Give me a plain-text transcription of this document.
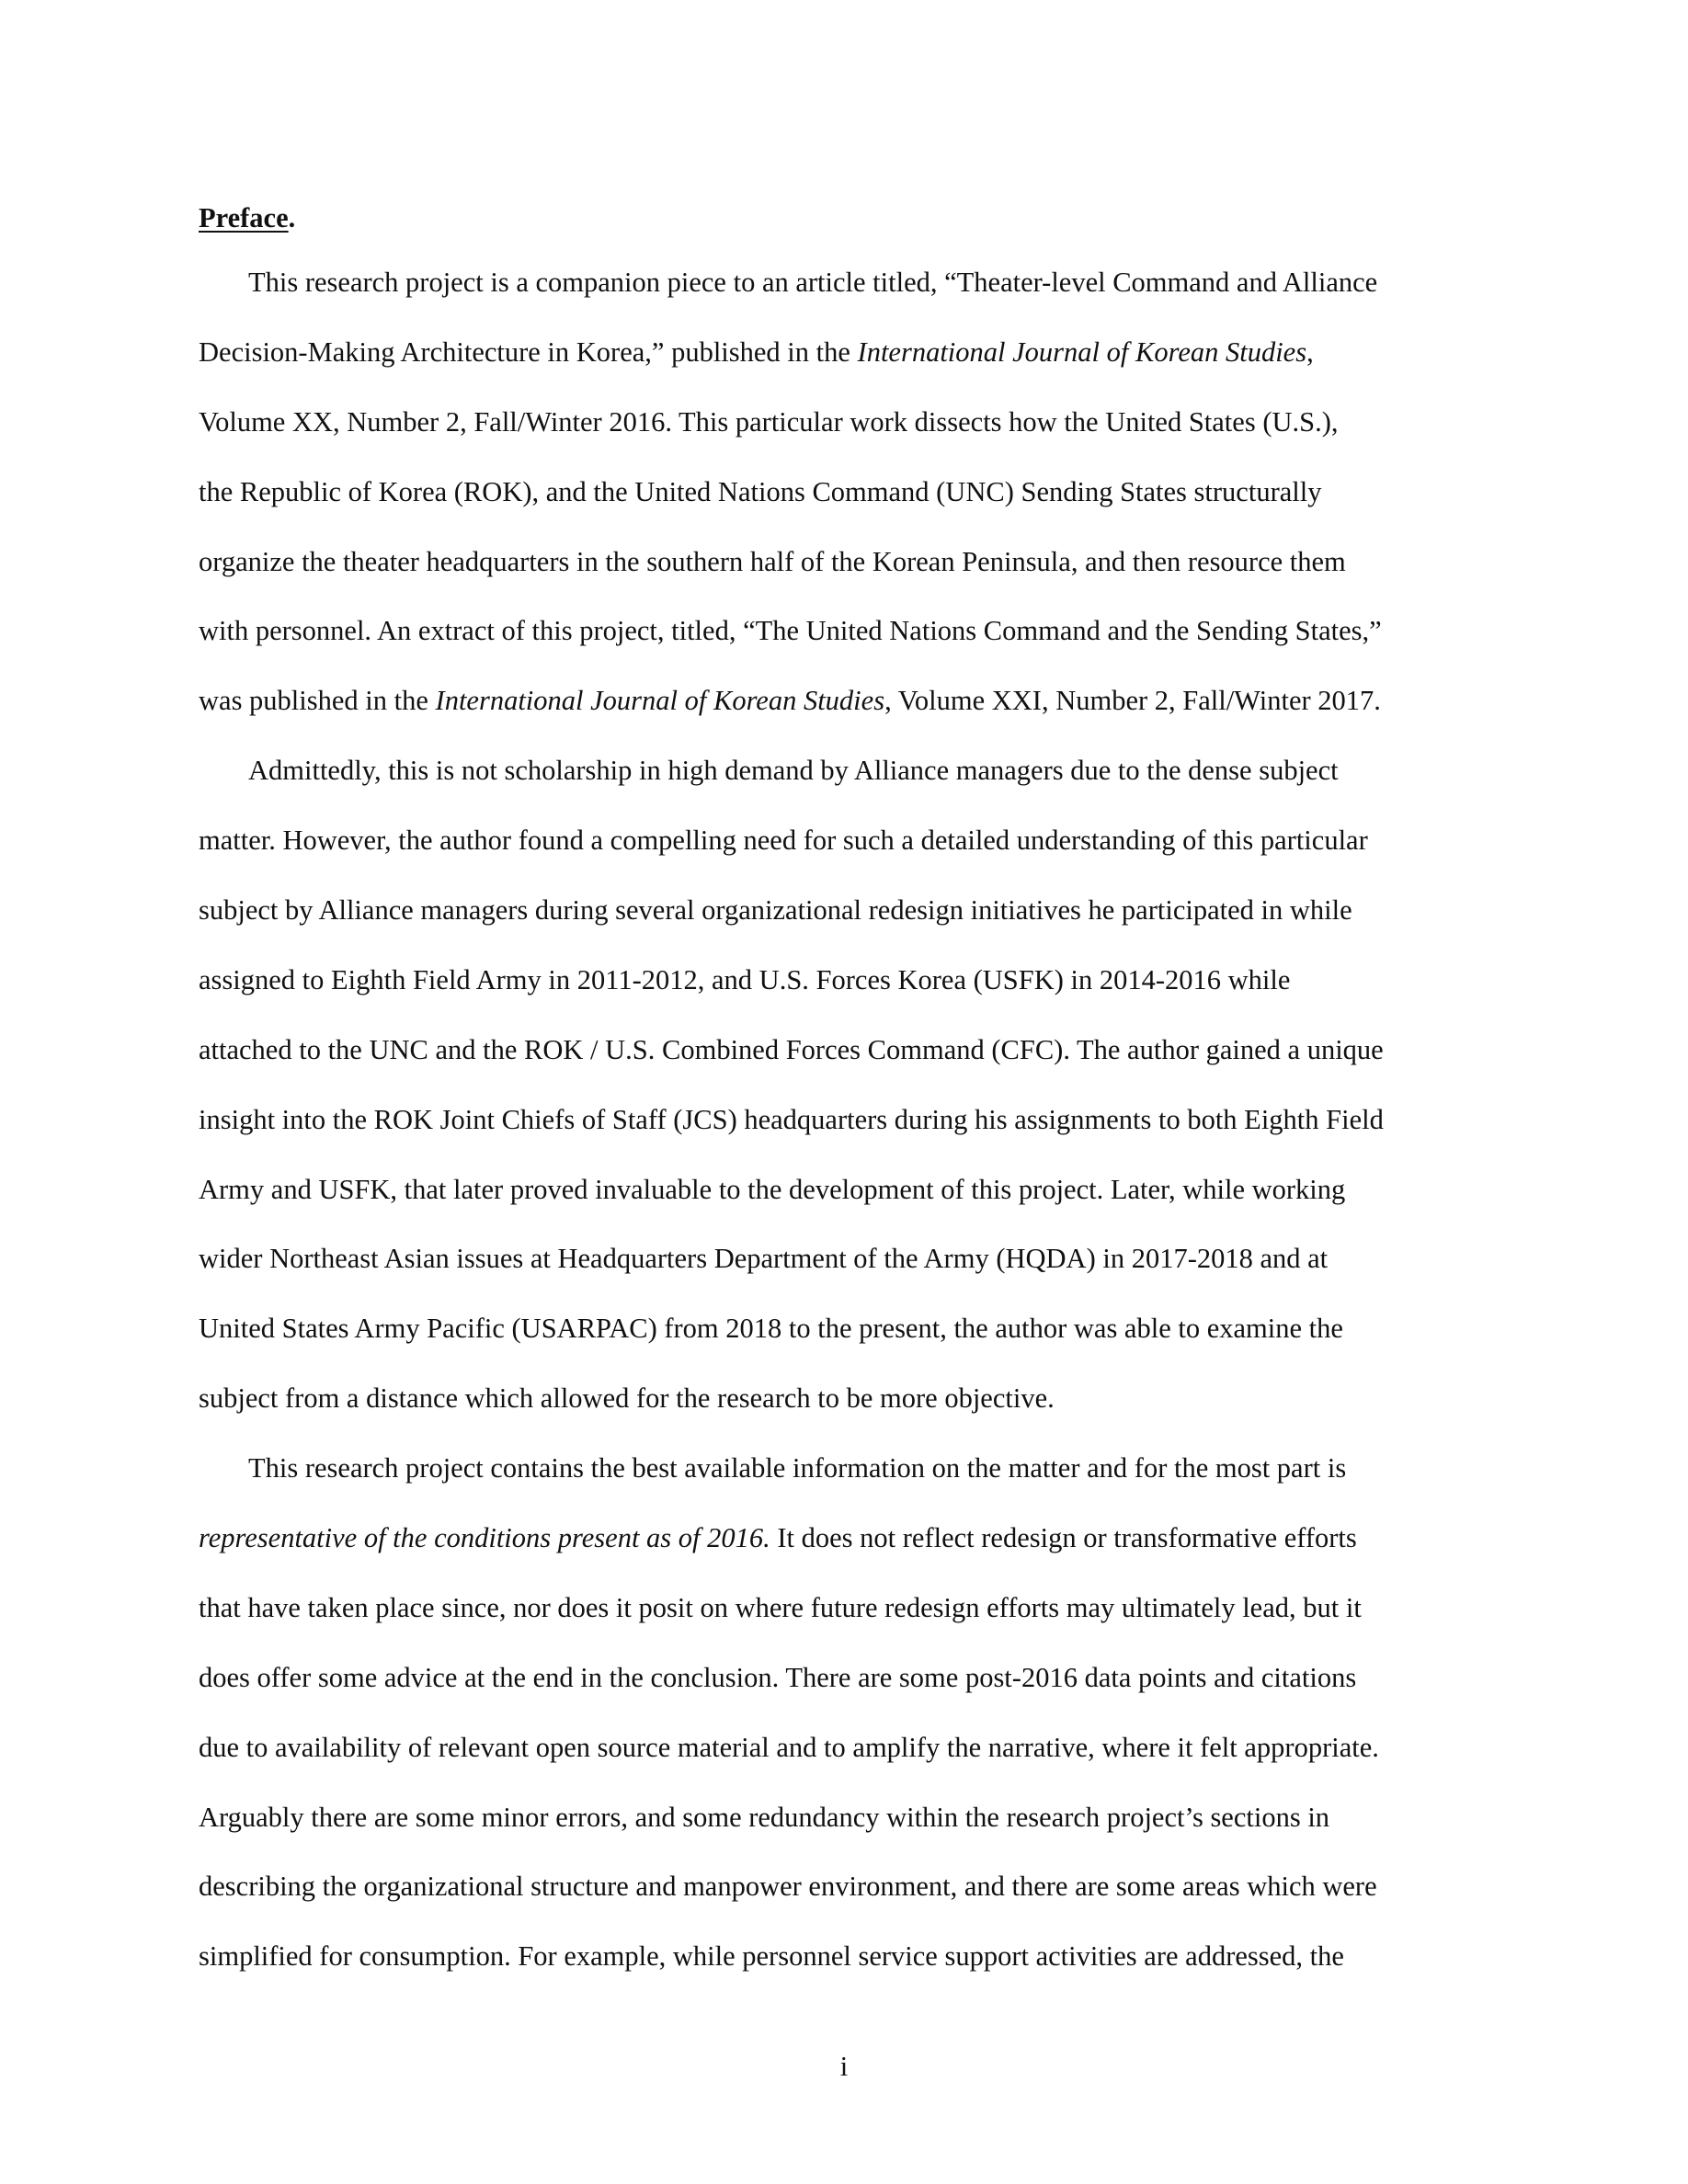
Preface.
This research project is a companion piece to an article titled, “Theater-level Command and Alliance
Decision-Making Architecture in Korea,” published in the International Journal of Korean Studies,
Volume XX, Number 2, Fall/Winter 2016. This particular work dissects how the United States (U.S.),
the Republic of Korea (ROK), and the United Nations Command (UNC) Sending States structurally
organize the theater headquarters in the southern half of the Korean Peninsula, and then resource them
with personnel. An extract of this project, titled, “The United Nations Command and the Sending States,”
was published in the International Journal of Korean Studies, Volume XXI, Number 2, Fall/Winter 2017.
Admittedly, this is not scholarship in high demand by Alliance managers due to the dense subject
matter. However, the author found a compelling need for such a detailed understanding of this particular
subject by Alliance managers during several organizational redesign initiatives he participated in while
assigned to Eighth Field Army in 2011-2012, and U.S. Forces Korea (USFK) in 2014-2016 while
attached to the UNC and the ROK / U.S. Combined Forces Command (CFC). The author gained a unique
insight into the ROK Joint Chiefs of Staff (JCS) headquarters during his assignments to both Eighth Field
Army and USFK, that later proved invaluable to the development of this project. Later, while working
wider Northeast Asian issues at Headquarters Department of the Army (HQDA) in 2017-2018 and at
United States Army Pacific (USARPAC) from 2018 to the present, the author was able to examine the
subject from a distance which allowed for the research to be more objective.
This research project contains the best available information on the matter and for the most part is
representative of the conditions present as of 2016. It does not reflect redesign or transformative efforts
that have taken place since, nor does it posit on where future redesign efforts may ultimately lead, but it
does offer some advice at the end in the conclusion. There are some post-2016 data points and citations
due to availability of relevant open source material and to amplify the narrative, where it felt appropriate.
Arguably there are some minor errors, and some redundancy within the research project’s sections in
describing the organizational structure and manpower environment, and there are some areas which were
simplified for consumption. For example, while personnel service support activities are addressed, the
i
